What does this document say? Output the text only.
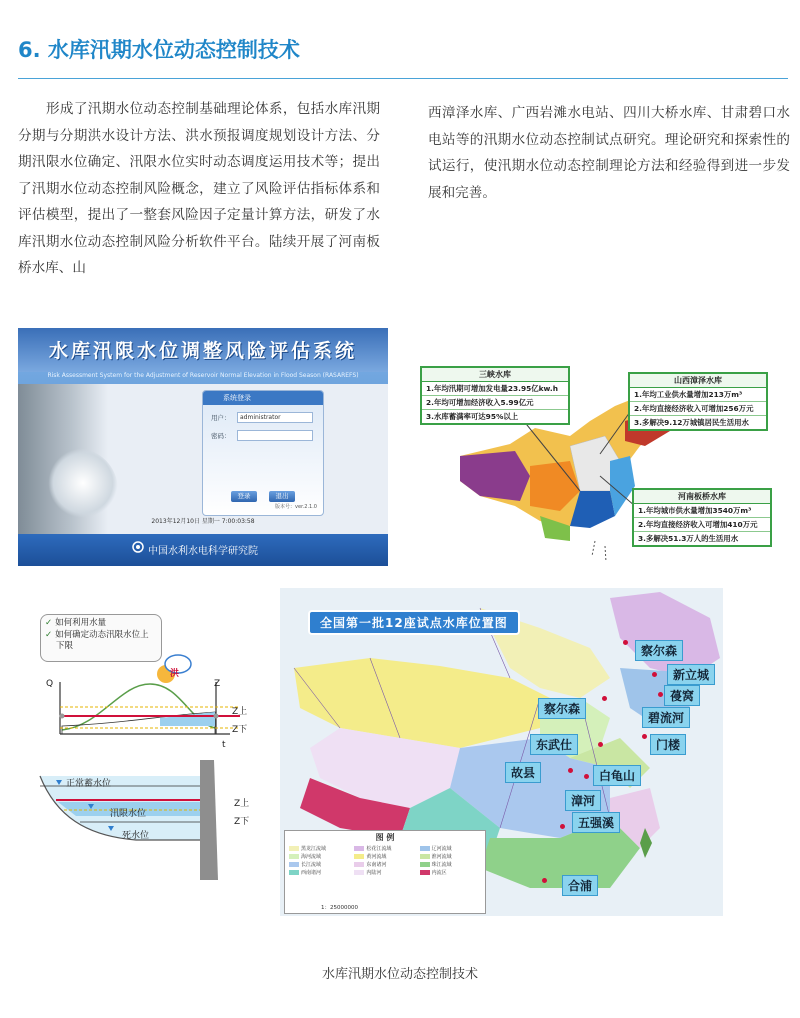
6. 水库汛期水位动态控制技术
形成了汛期水位动态控制基础理论体系，包括水库汛期分期与分期洪水设计方法、洪水预报调度规划设计方法、分期汛限水位确定、汛限水位实时动态调度运用技术等；提出了汛期水位动态控制风险概念，建立了风险评估指标体系和评估模型，提出了一整套风险因子定量计算方法，研发了水库汛期水位动态控制风险分析软件平台。陆续开展了河南板桥水库、山
西漳泽水库、广西岩滩水电站、四川大桥水库、甘肃碧口水电站等的汛期水位动态控制试点研究。理论研究和探索性的试运行，使汛期水位动态控制理论方法和经验得到进一步发展和完善。
水库汛限水位调整风险评估系统
Risk Assessment System for the Adjustment of Reservoir Normal Elevation in Flood Season (RASAREFS)
系统登录
用户：	administrator
密码：
登录	退出
版本号：ver.2.1.0
2013年12月10日 星期一 7:00:03:58
中国水利水电科学研究院
三峡水库
1.年均汛期可增加发电量23.95亿kw.h
2.年均可增加经济收入5.99亿元
3.水库蓄满率可达95%以上
山西漳泽水库
1.年均工业供水量增加213万m³
2.年均直接经济收入可增加256万元
3.多解决9.12万城镇居民生活用水
河南板桥水库
1.年均城市供水量增加3540万m³
2.年均直接经济收入可增加410万元
3.多解决51.3万人的生活用水
✓ 如何利用水量
✓ 如何确定动态汛限水位上下限
洪
Q	Z
Z上
Z下
t
正常蓄水位
汛限水位
死水位
Z上
Z下
全国第一批12座试点水库位置图
察尔森
新立城
葠窝
碧流河
门楼
察尔森
东武仕
故县	白龟山
漳河
五强溪
合浦
图 例
黑龙江流域	松花江流域	辽河流域
海河流域	黄河流域	淮河流域
长江流域	东南诸河	珠江流域
西南诸河	内陆河	内流区
1：25000000
水库汛期水位动态控制技术
